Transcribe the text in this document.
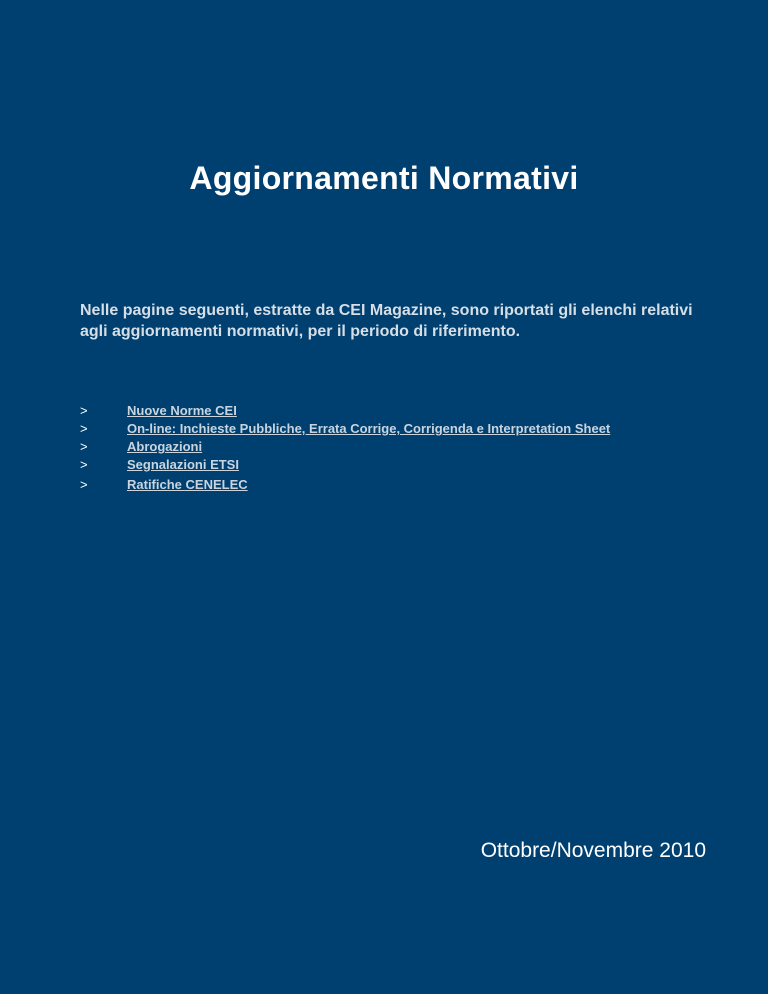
Aggiornamenti Normativi

Nelle pagine seguenti, estratte da CEI Magazine, sono riportati gli elenchi relativi agli aggiornamenti normativi, per il periodo di riferimento.

>	Nuove Norme CEI
>	On-line: Inchieste Pubbliche, Errata Corrige, Corrigenda e Interpretation Sheet
>	Abrogazioni
>	Segnalazioni ETSI
>	Ratifiche CENELEC
Ottobre/Novembre 2010
